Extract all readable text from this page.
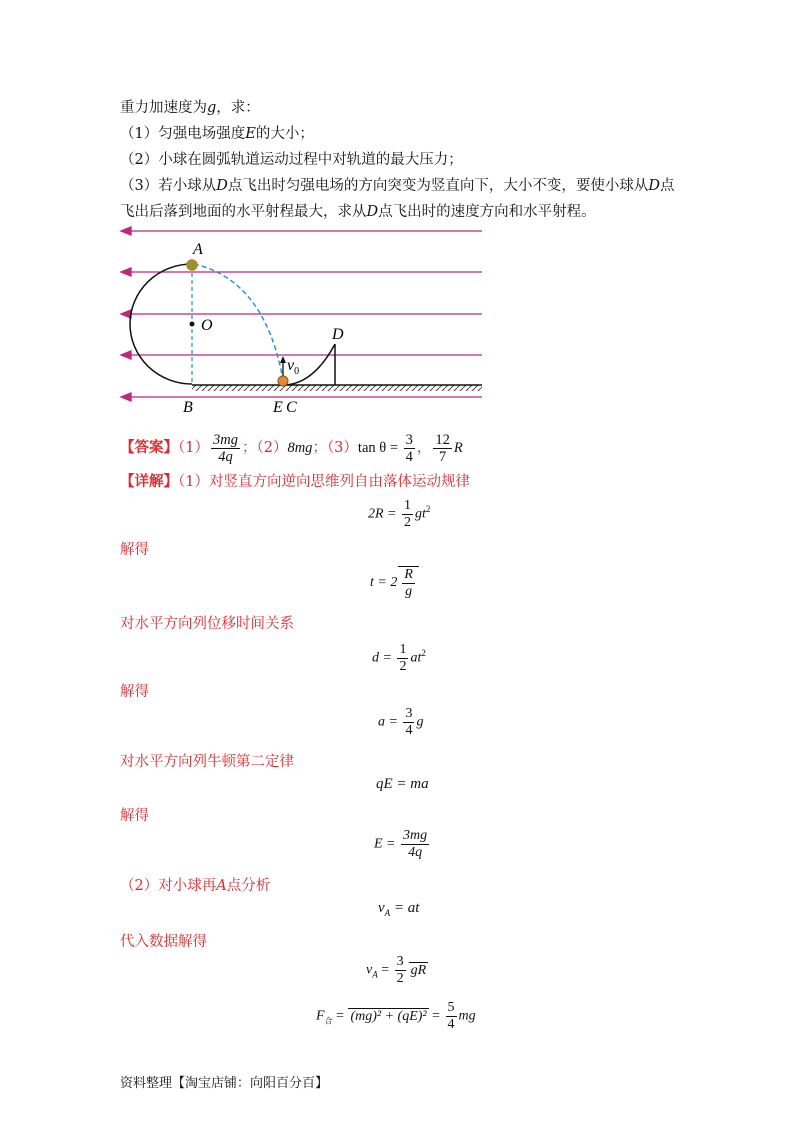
重力加速度为g，求：
（1）匀强电场强度E的大小；
（2）小球在圆弧轨道运动过程中对轨道的最大压力；
（3）若小球从D点飞出时匀强电场的方向突变为竖直向下，大小不变，要使小球从D点
飞出后落到地面的水平射程最大，求从D点飞出时的速度方向和水平射程。
A
O
B	E C
D
$v_0$
【答案】$(1) \frac{3mg}{4q}$ ；（2）8mg；（3）tan $\theta = \frac{3}{4}$ ， $\frac{12}{7}$ R
【详解】（1）对竖直方向逆向思维列自由落体运动规律
$2R = \frac{1}{2} gt^2$
解得
$t = 2 \frac{R}{g}$
对水平方向列位移时间关系
$d = \frac{1}{2} at^2$
解得
$a = \frac{3}{4}$ g
对水平方向列牛顿第二定律
qE = ma
解得
$E = \frac{3mg}{4q}$
（2）对小球再A点分析
$v_A$ = at
代入数据解得
$v_A = \frac{3}{2}$ gR
$F_合 = (mg)^2 + (qE)^2 = \frac{5}{4}$ mg
资料整理【淘宝店铺：向阳百分百】
